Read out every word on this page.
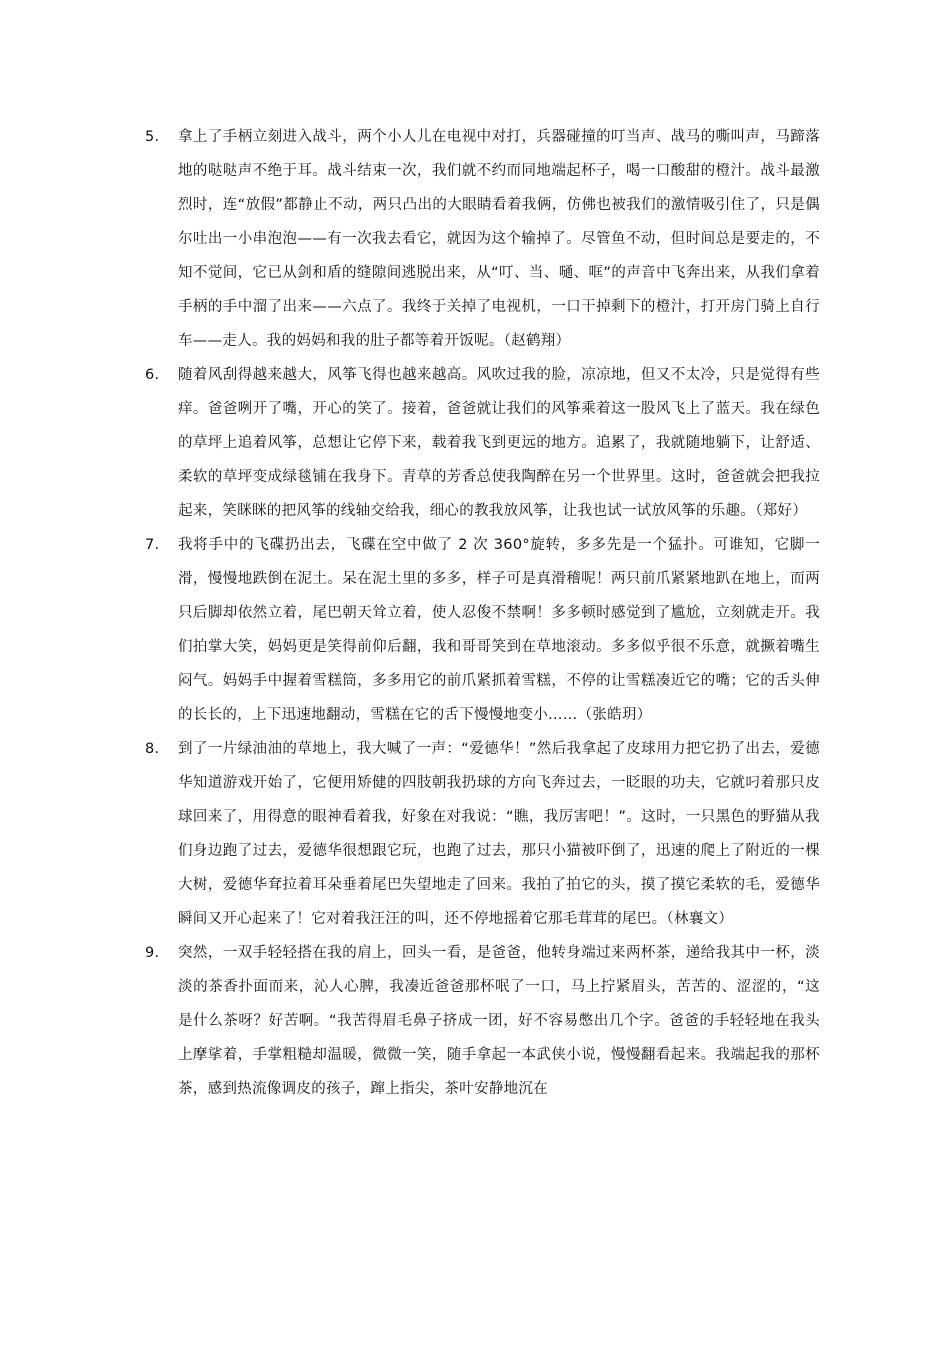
5.	拿上了手柄立刻进入战斗，两个小人儿在电视中对打，兵器碰撞的叮当声、战马的嘶叫声，马蹄落地的哒哒声不绝于耳。战斗结束一次，我们就不约而同地端起杯子，喝一口酸甜的橙汁。战斗最激烈时，连“放假”都静止不动，两只凸出的大眼睛看着我俩，仿佛也被我们的激情吸引住了，只是偶尔吐出一小串泡泡——有一次我去看它，就因为这个输掉了。尽管鱼不动，但时间总是要走的，不知不觉间，它已从剑和盾的缝隙间逃脱出来，从“叮、当、嗵、哐”的声音中飞奔出来，从我们拿着手柄的手中溜了出来——六点了。我终于关掉了电视机，一口干掉剩下的橙汁，打开房门骑上自行车——走人。我的妈妈和我的肚子都等着开饭呢。（赵鹤翔）
6.	随着风刮得越来越大，风筝飞得也越来越高。风吹过我的脸，凉凉地，但又不太冷，只是觉得有些痒。爸爸咧开了嘴，开心的笑了。接着，爸爸就让我们的风筝乘着这一股风飞上了蓝天。我在绿色的草坪上追着风筝，总想让它停下来，载着我飞到更远的地方。追累了，我就随地躺下，让舒适、柔软的草坪变成绿毯铺在我身下。青草的芳香总使我陶醉在另一个世界里。这时，爸爸就会把我拉起来，笑眯眯的把风筝的线轴交给我，细心的教我放风筝，让我也试一试放风筝的乐趣。（郑好）
7.	我将手中的飞碟扔出去，飞碟在空中做了 2 次 360°旋转，多多先是一个猛扑。可谁知，它脚一滑，慢慢地跌倒在泥土。呆在泥土里的多多，样子可是真滑稽呢！两只前爪紧紧地趴在地上，而两只后脚却依然立着，尾巴朝天耸立着，使人忍俊不禁啊！多多顿时感觉到了尴尬，立刻就走开。我们拍掌大笑，妈妈更是笑得前仰后翻，我和哥哥笑到在草地滚动。多多似乎很不乐意，就撅着嘴生闷气。妈妈手中握着雪糕筒，多多用它的前爪紧抓着雪糕，不停的让雪糕凑近它的嘴；它的舌头伸的长长的，上下迅速地翻动，雪糕在它的舌下慢慢地变小……（张皓玥）
8.	到了一片绿油油的草地上，我大喊了一声：“爱德华！”然后我拿起了皮球用力把它扔了出去，爱德华知道游戏开始了，它便用矫健的四肢朝我扔球的方向飞奔过去，一眨眼的功夫，它就叼着那只皮球回来了，用得意的眼神看着我，好象在对我说：“瞧，我厉害吧！”。这时，一只黑色的野猫从我们身边跑了过去，爱德华很想跟它玩，也跑了过去，那只小猫被吓倒了，迅速的爬上了附近的一棵大树，爱德华耷拉着耳朵垂着尾巴失望地走了回来。我拍了拍它的头，摸了摸它柔软的毛，爱德华瞬间又开心起来了！它对着我汪汪的叫，还不停地摇着它那毛茸茸的尾巴。（林襄文）
9.	突然，一双手轻轻搭在我的肩上，回头一看，是爸爸，他转身端过来两杯茶，递给我其中一杯，淡淡的茶香扑面而来，沁人心脾，我凑近爸爸那杯呡了一口，马上拧紧眉头，苦苦的、涩涩的，“这是什么茶呀？好苦啊。“我苦得眉毛鼻子挤成一团，好不容易憋出几个字。爸爸的手轻轻地在我头上摩挲着，手掌粗糙却温暖，微微一笑，随手拿起一本武侠小说，慢慢翻看起来。我端起我的那杯茶，感到热流像调皮的孩子，蹿上指尖，茶叶安静地沉在
